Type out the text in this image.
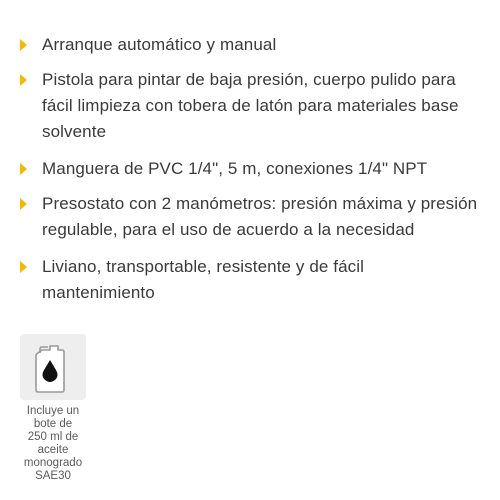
Arranque automático y manual
Pistola para pintar de baja presión, cuerpo pulido para fácil limpieza con tobera de latón para materiales base solvente
Manguera de PVC 1/4", 5 m, conexiones 1/4" NPT
Presostato con 2 manómetros: presión máxima y presión regulable, para el uso de acuerdo a la necesidad
Liviano, transportable, resistente y de fácil mantenimiento
Incluye un
bote de
250 ml de
aceite
monogrado
SAE30
